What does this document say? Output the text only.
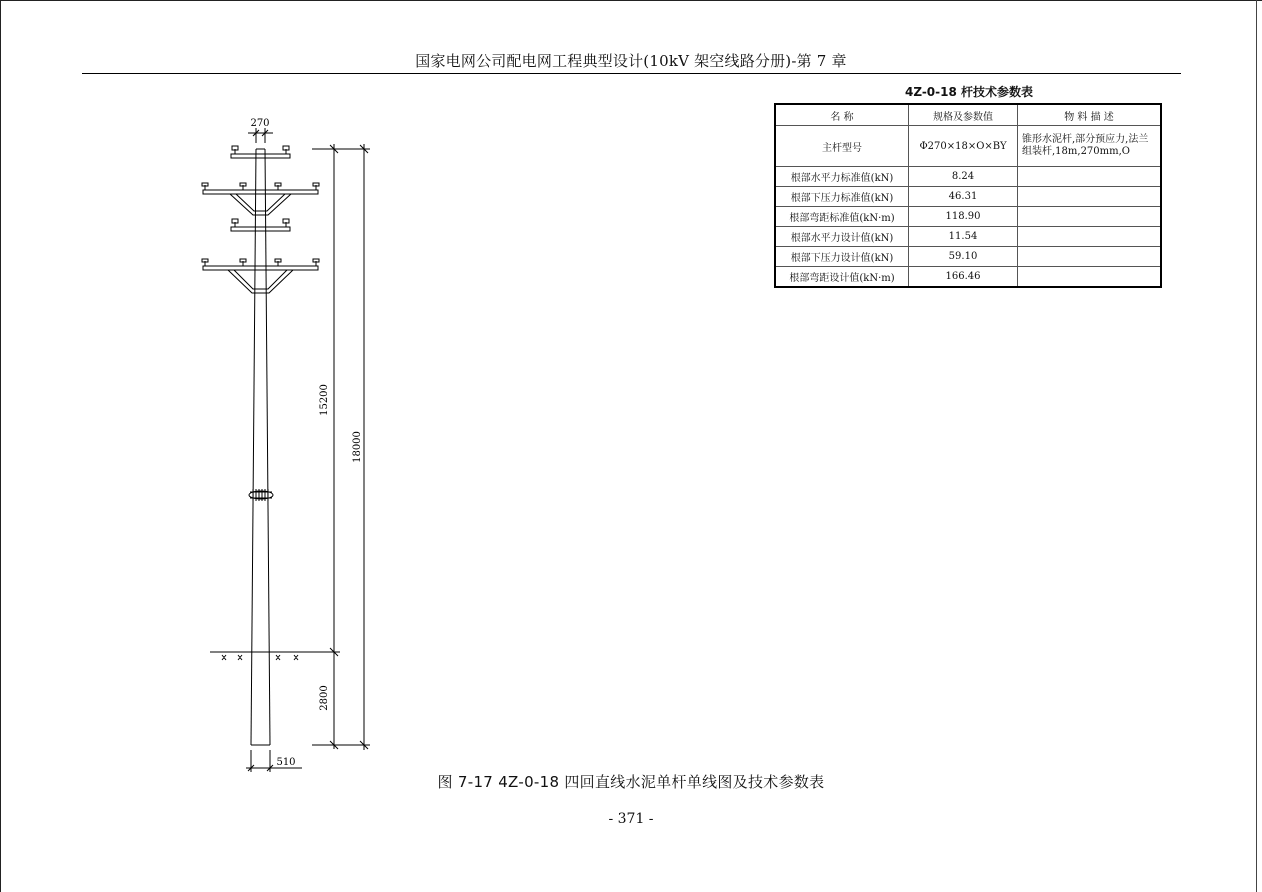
国家电网公司配电网工程典型设计(10kV 架空线路分册)-第 7 章
4Z-0-18 杆技术参数表
名 称	规格及参数值	物 料 描 述
主杆型号	Φ270×18×O×BY	锥形水泥杆,部分预应力,法兰组装杆,18m,270mm,O
根部水平力标准值(kN)	8.24	
根部下压力标准值(kN)	46.31	
根部弯距标准值(kN·m)	118.90	
根部水平力设计值(kN)	11.54	
根部下压力设计值(kN)	59.10	
根部弯距设计值(kN·m)	166.46	
270
15200
18000
2800
510
图 7-17 4Z-0-18 四回直线水泥单杆单线图及技术参数表
- 371 -
